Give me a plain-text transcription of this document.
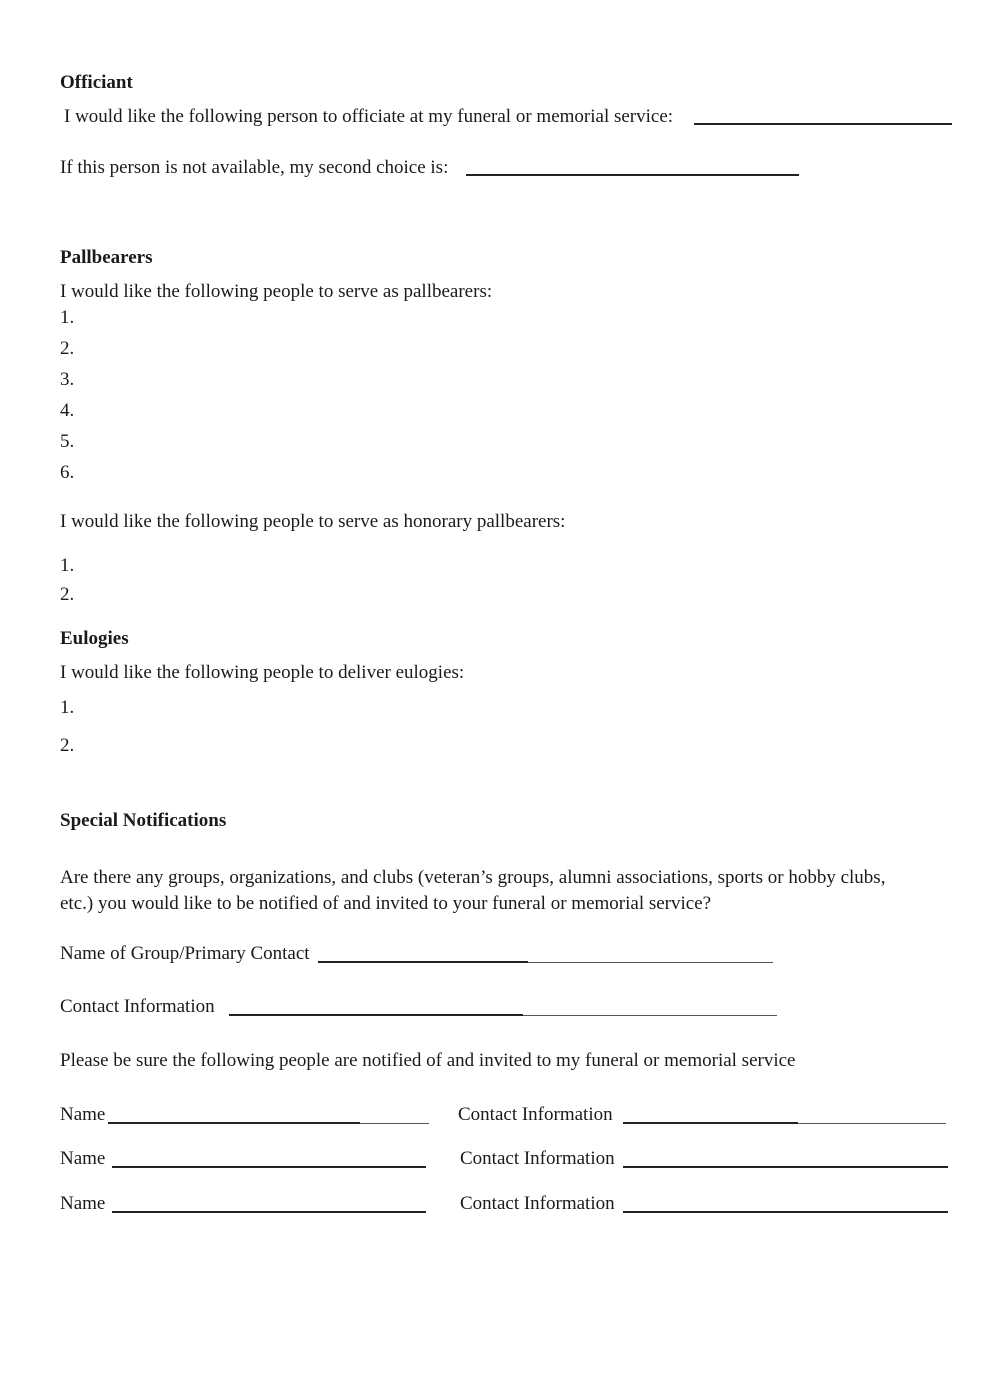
Officiant
I would like the following person to officiate at my funeral or memorial service:
If this person is not available, my second choice is:
Pallbearers
I would like the following people to serve as pallbearers:
1.
2.
3.
4.
5.
6.
I would like the following people to serve as honorary pallbearers:
1.
2.
Eulogies
I would like the following people to deliver eulogies:
1.
2.
Special Notifications
Are there any groups, organizations, and clubs (veteran’s groups, alumni associations, sports or hobby clubs,
etc.) you would like to be notified of and invited to your funeral or memorial service?
Name of Group/Primary Contact
Contact Information
Please be sure the following people are notified of and invited to my funeral or memorial service
Name	Contact Information
Name	Contact Information
Name	Contact Information
